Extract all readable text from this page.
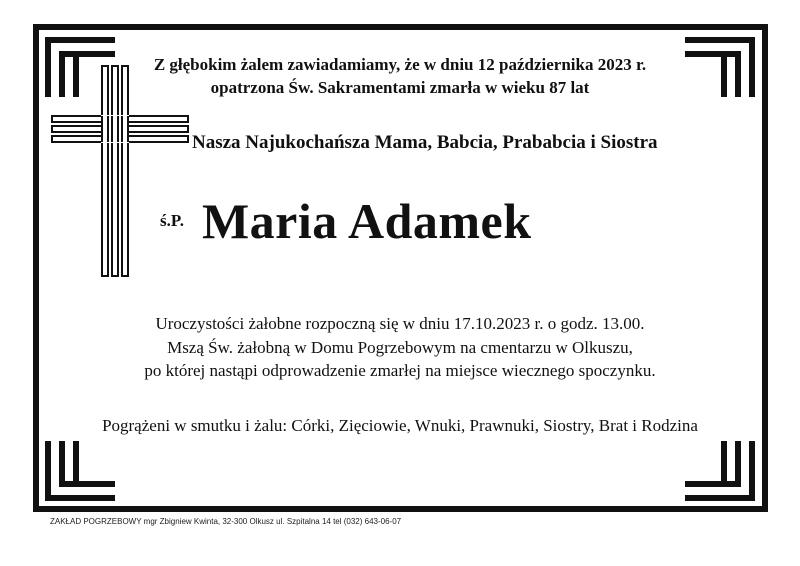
Z głębokim żalem zawiadamiamy, że w dniu 12 października 2023 r.
opatrzona Św. Sakramentami zmarła w wieku 87 lat
Nasza Najukochańsza Mama, Babcia, Prababcia i Siostra
ś.P. Maria Adamek
Uroczystości żałobne rozpoczną się w dniu 17.10.2023 r. o godz. 13.00.
Mszą Św. żałobną w Domu Pogrzebowym na cmentarzu w Olkuszu,
po której nastąpi odprowadzenie zmarłej na miejsce wiecznego spoczynku.
Pogrążeni w smutku i żalu: Córki, Zięciowie, Wnuki, Prawnuki, Siostry, Brat i Rodzina
ZAKŁAD POGRZEBOWY mgr Zbigniew Kwinta, 32-300 Olkusz ul. Szpitalna 14 tel (032) 643-06-07
